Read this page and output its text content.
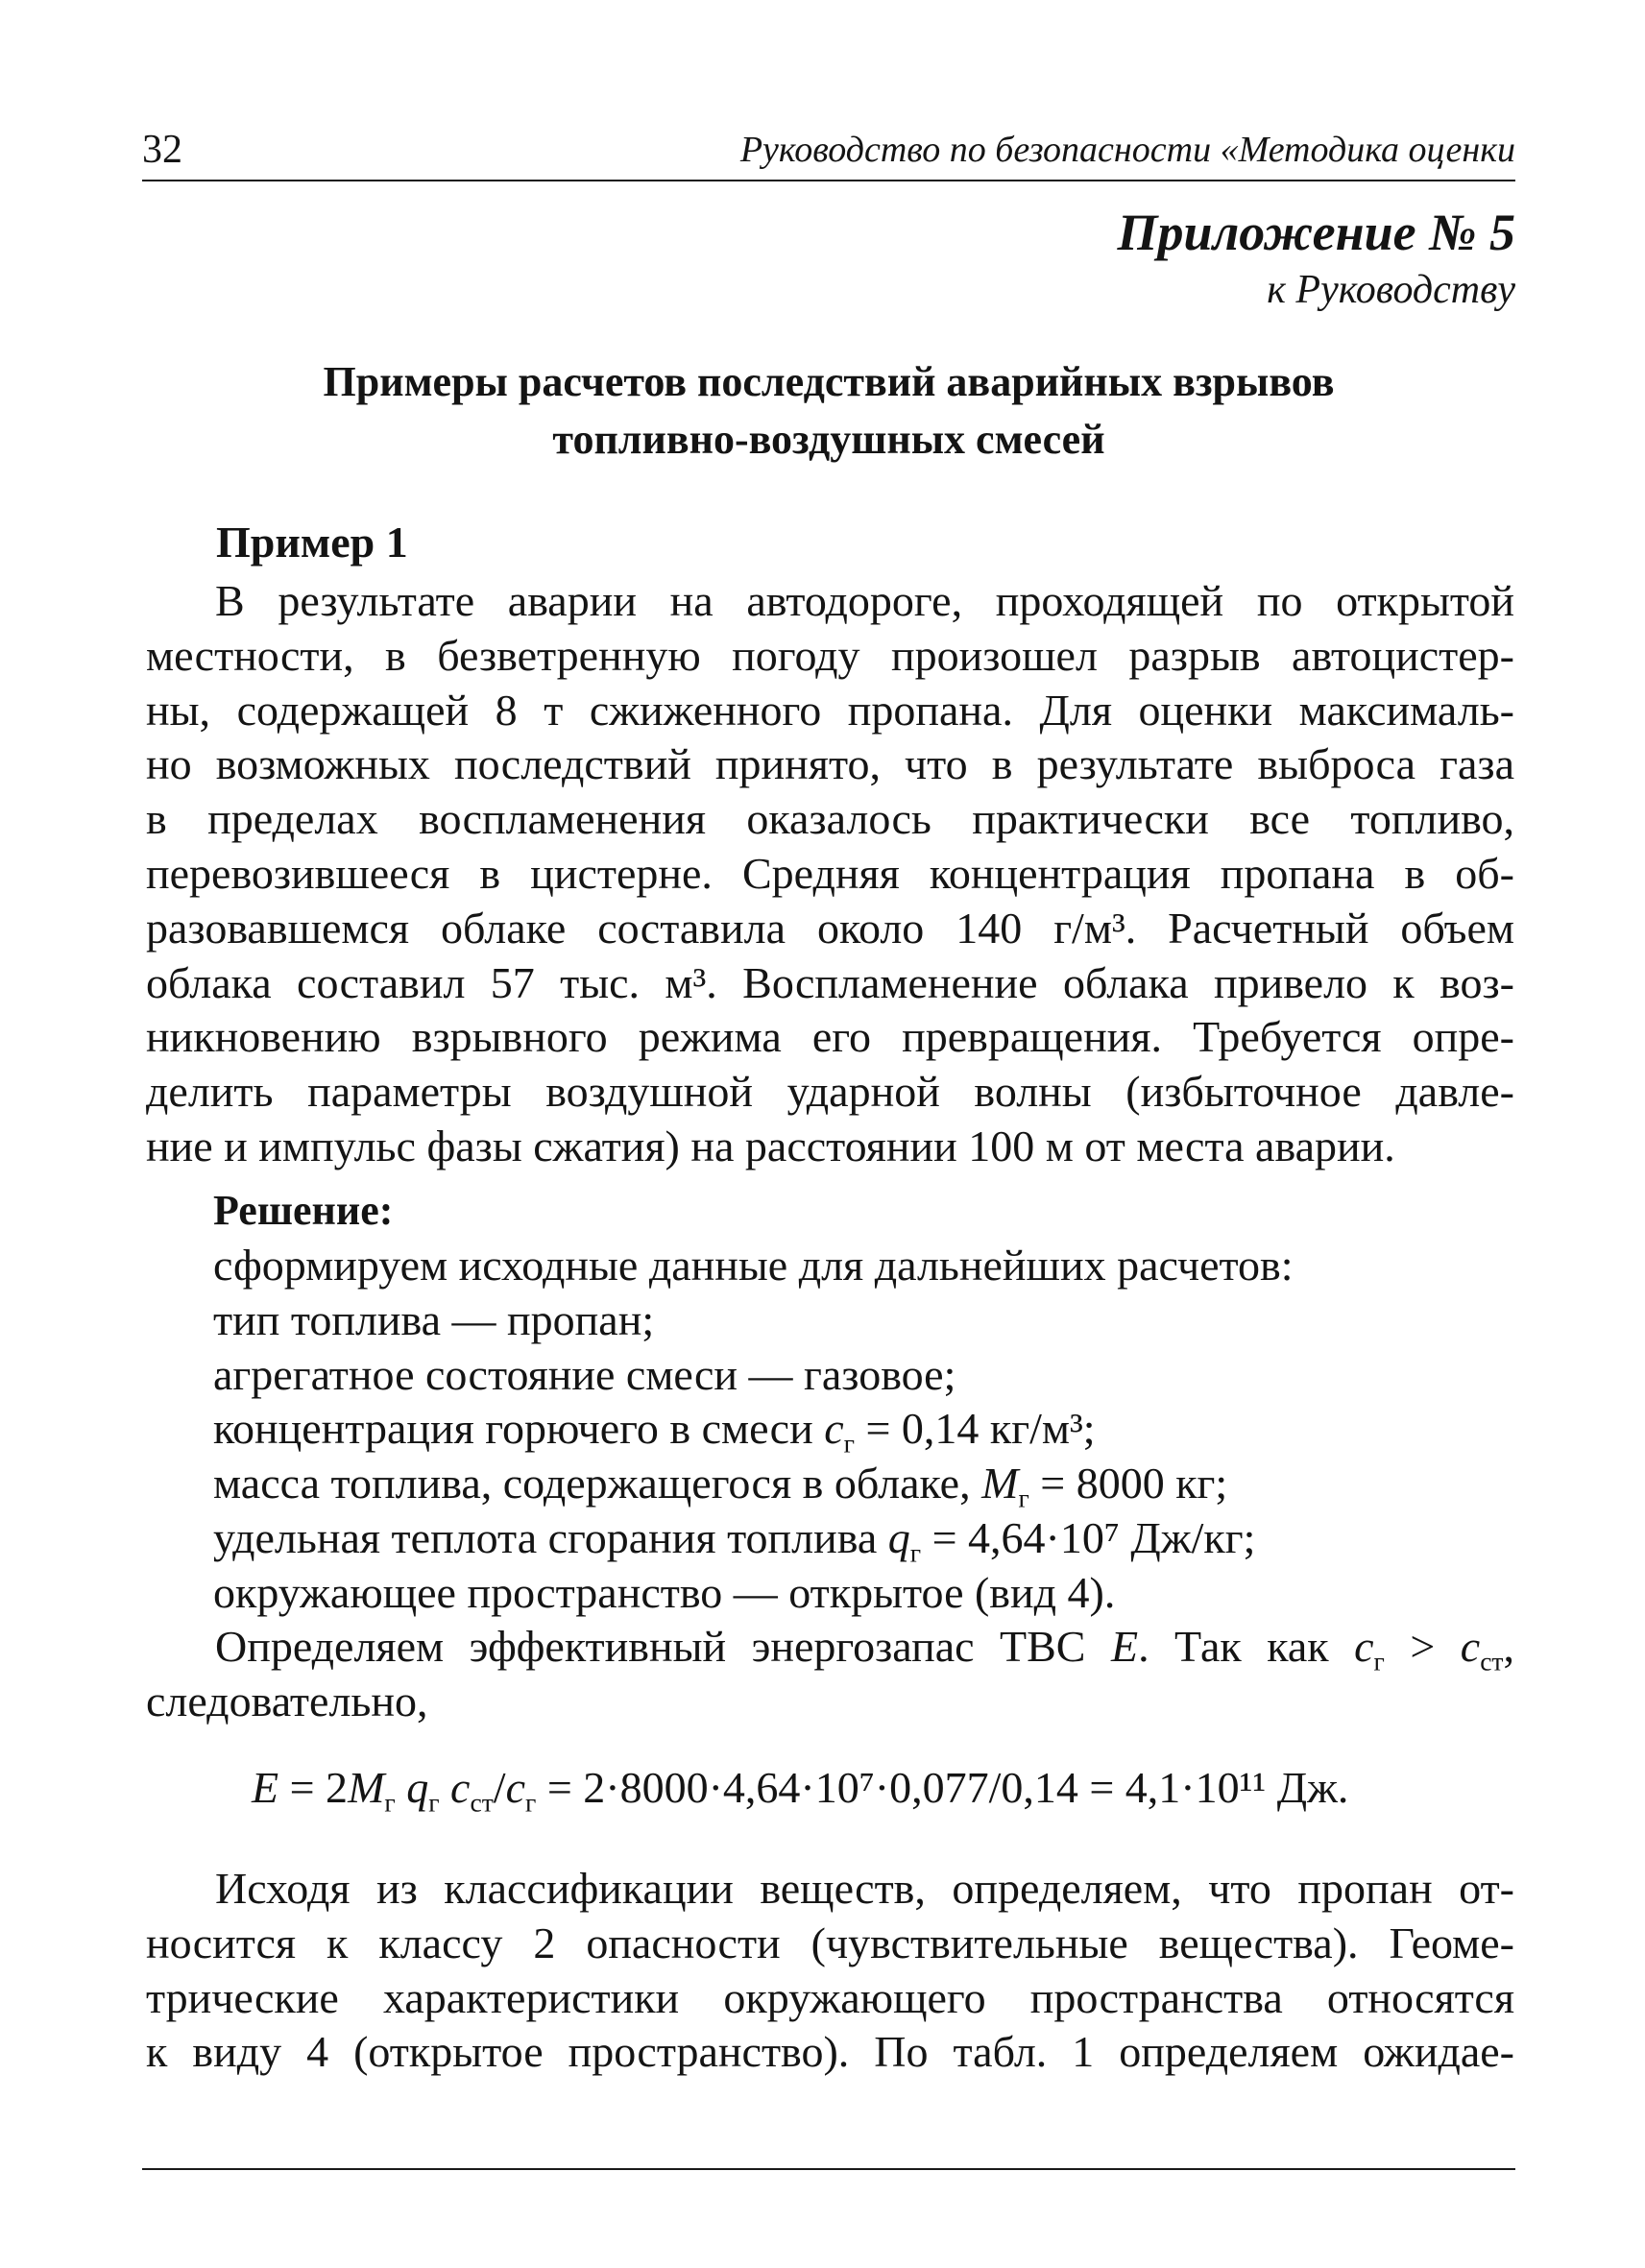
32	Руководство по безопасности «Методика оценки
Приложение № 5
к Руководству
Примеры расчетов последствий аварийных взрывов
топливно-воздушных смесей
Пример 1
В результате аварии на автодороге, проходящей по открытой
местности, в безветренную погоду произошел разрыв автоцистер-
ны, содержащей 8 т сжиженного пропана. Для оценки максималь-
но возможных последствий принято, что в результате выброса газа
в пределах воспламенения оказалось практически все топливо,
перевозившееся в цистерне. Средняя концентрация пропана в об-
разовавшемся облаке составила около 140 г/м³. Расчетный объем
облака составил 57 тыс. м³. Воспламенение облака привело к воз-
никновению взрывного режима его превращения. Требуется опре-
делить параметры воздушной ударной волны (избыточное давле-
ние и импульс фазы сжатия) на расстоянии 100 м от места аварии.
Решение:
сформируем исходные данные для дальнейших расчетов:
тип топлива — пропан;
агрегатное состояние смеси — газовое;
концентрация горючего в смеси $c_г = 0,14$ кг/м³;
масса топлива, содержащегося в облаке, $M_г = 8000$ кг;
удельная теплота сгорания топлива $q_г = 4,64\cdot 10^7$ Дж/кг;
окружающее пространство — открытое (вид 4).
Определяем эффективный энергозапас ТВС E. Так как $c_г > c_{ст}$,
следовательно,
$E = 2M_г$ $q_г$ $c_{ст}/c_г = 2\cdot 8000\cdot 4,64\cdot 10^7\cdot 0,077/0,14 = 4,1\cdot 10^{11}$ Дж.
Исходя из классификации веществ, определяем, что пропан от-
носится к классу 2 опасности (чувствительные вещества). Геоме-
трические характеристики окружающего пространства относятся
к виду 4 (открытое пространство). По табл. 1 определяем ожидае-
